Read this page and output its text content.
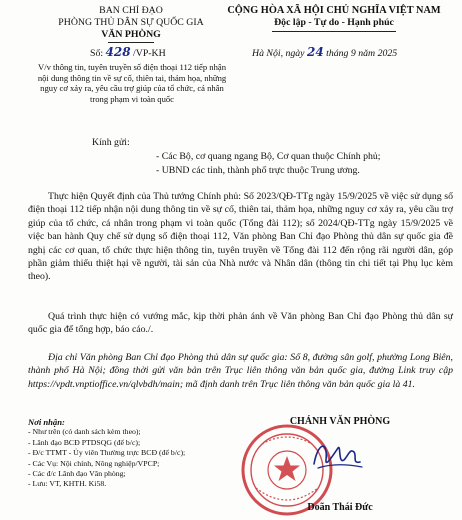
BAN CHỈ ĐẠO
PHÒNG THỦ DÂN SỰ QUỐC GIA
VĂN PHÒNG
Số: 428 /VP-KH
V/v thông tin, tuyên truyền số điện thoại 112 tiếp nhận nội dung thông tin về sự cố, thiên tai, thảm họa, những nguy cơ xảy ra, yêu cầu trợ giúp của tổ chức, cá nhân trong phạm vi toàn quốc
CỘNG HÒA XÃ HỘI CHỦ NGHĨA VIỆT NAM
Độc lập - Tự do - Hạnh phúc
Hà Nội, ngày 24 tháng 9 năm 2025
Kính gửi:
- Các Bộ, cơ quang ngang Bộ, Cơ quan thuộc Chính phủ;
- UBND các tỉnh, thành phố trực thuộc Trung ương.
Thực hiện Quyết định của Thủ tướng Chính phủ: Số 2023/QĐ-TTg ngày 15/9/2025 về việc sử dụng số điện thoại 112 tiếp nhận nội dung thông tin về sự cố, thiên tai, thảm họa, những nguy cơ xảy ra, yêu cầu trợ giúp của tổ chức, cá nhân trong phạm vi toàn quốc (Tổng đài 112); số 2024/QĐ-TTg ngày 15/9/2025 về việc ban hành Quy chế sử dụng số điện thoại 112, Văn phòng Ban Chỉ đạo Phòng thủ dân sự quốc gia đề nghị các cơ quan, tổ chức thực hiện thông tin, tuyên truyền về Tổng đài 112 đến rộng rãi người dân, góp phần giảm thiểu thiệt hại về người, tài sản của Nhà nước và Nhân dân (thông tin chi tiết tại Phụ lục kèm theo).
Quá trình thực hiện có vướng mắc, kịp thời phản ánh về Văn phòng Ban Chỉ đạo Phòng thủ dân sự quốc gia để tổng hợp, báo cáo./.
Địa chỉ Văn phòng Ban Chỉ đạo Phòng thủ dân sự quốc gia: Số 8, đường sân golf, phường Long Biên, thành phố Hà Nội; đồng thời gửi văn bản trên Trục liên thông văn bản quốc gia, đường Link truy cập https://vpdt.vnptioffice.vn/qlvbdh/main; mã định danh trên Trục liên thông văn bản quốc gia là 41.
Nơi nhận:
- Như trên (có danh sách kèm theo);
- Lãnh đạo BCĐ PTDSQG (để b/c);
- Đ/c TTMT - Ủy viên Thường trực BCĐ (để b/c);
- Các Vụ: Nội chính, Nông nghiệp/VPCP;
- Các đ/c Lãnh đạo Văn phòng;
- Lưu: VT, KHTH. Ki58.
CHÁNH VĂN PHÒNG
Doãn Thái Đức
